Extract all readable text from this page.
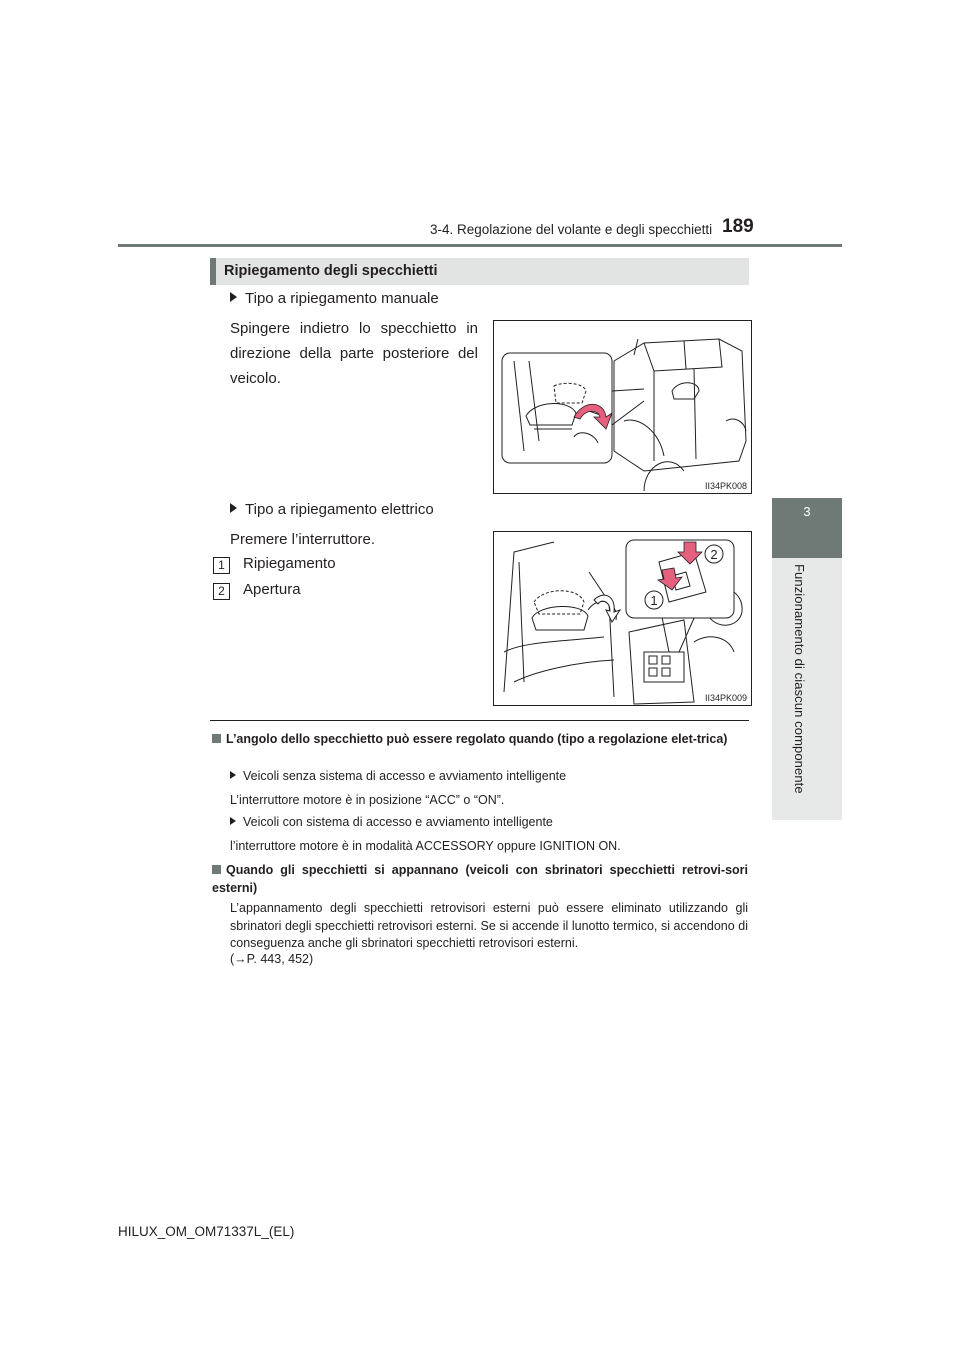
3-4. Regolazione del volante e degli specchietti 189
3
Funzionamento di ciascun componente
Ripiegamento degli specchietti
Tipo a ripiegamento manuale
Spingere indietro lo specchietto in direzione della parte posteriore del veicolo.
II34PK008
Tipo a ripiegamento elettrico
Premere l’interruttore.
1 Ripiegamento
2 Apertura
2
1
II34PK009
L’angolo dello specchietto può essere regolato quando (tipo a regolazione elet-trica)
Veicoli senza sistema di accesso e avviamento intelligente
L’interruttore motore è in posizione “ACC” o “ON”.
Veicoli con sistema di accesso e avviamento intelligente
l’interruttore motore è in modalità ACCESSORY oppure IGNITION ON.
Quando gli specchietti si appannano (veicoli con sbrinatori specchietti retrovi-sori esterni)
L’appannamento degli specchietti retrovisori esterni può essere eliminato utilizzando gli sbrinatori degli specchietti retrovisori esterni. Se si accende il lunotto termico, si accendono di conseguenza anche gli sbrinatori specchietti retrovisori esterni.
(→P. 443, 452)
HILUX_OM_OM71337L_(EL)
